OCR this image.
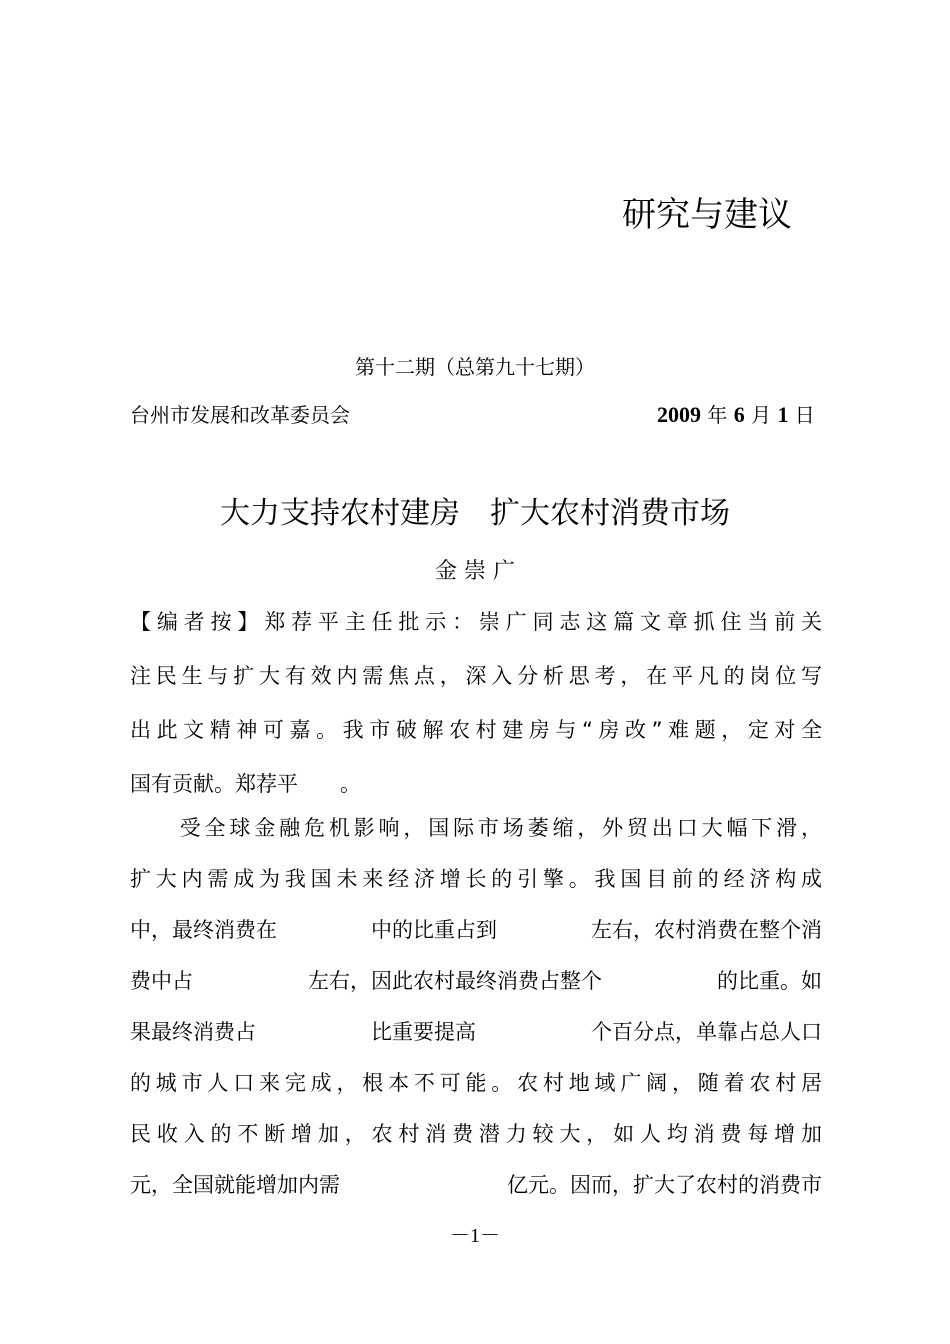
研究与建议
第十二期（总第九十七期）
台州市发展和改革委员会	2009 年 6 月 1 日
大力支持农村建房　扩大农村消费市场
金 崇 广
【编者按】郑荐平主任批示：崇广同志这篇文章抓住当前关
注民生与扩大有效内需焦点，深入分析思考，在平凡的岗位写
出此文精神可嘉。我市破解农村建房与“房改”难题，定对全
国有贡献。郑荐平　　。
　　受全球金融危机影响，国际市场萎缩，外贸出口大幅下滑，
扩大内需成为我国未来经济增长的引擎。我国目前的经济构成
中，最终消费在	中的比重占到	左右，农村消费在整个消
费中占	左右，因此农村最终消费占整个	的比重。如
果最终消费占	比重要提高	个百分点，单靠占总人口
的城市人口来完成，根本不可能。农村地域广阔，随着农村居
民收入的不断增加，农村消费潜力较大，如人均消费每增加
元，全国就能增加内需	亿元。因而，扩大了农村的消费市
－1－
